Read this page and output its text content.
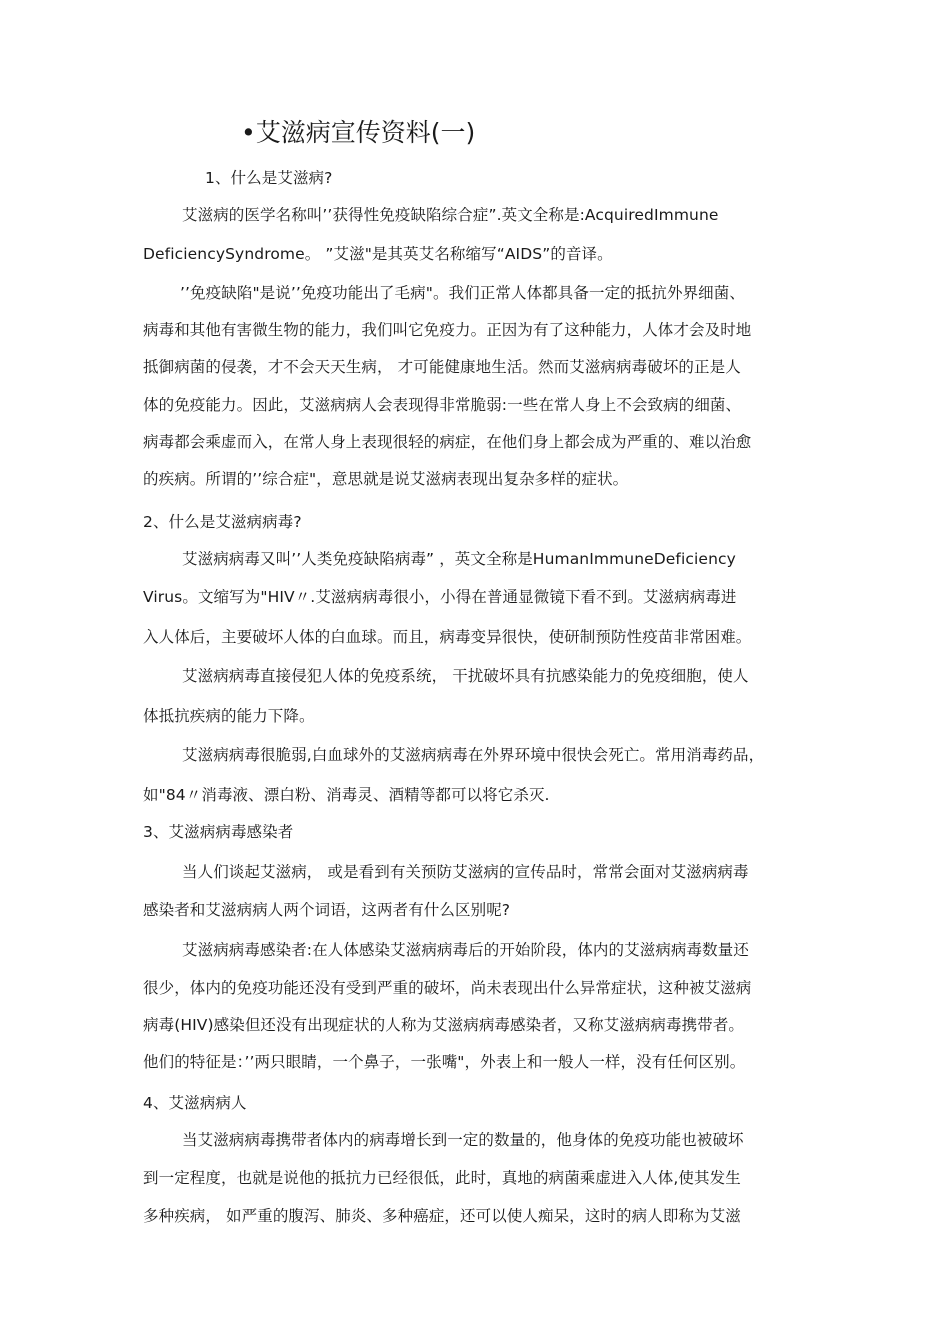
•艾滋病宣传资料(一)
1、什么是艾滋病?
艾滋病的医学名称叫’’获得性免疫缺陷综合症”.英文全称是:AcquiredImmune
DeficiencySyndrome。 ”艾滋"是其英艾名称缩写“AIDS”的音译。
’’免疫缺陷"是说’’免疫功能出了毛病"。我们正常人体都具备一定的抵抗外界细菌、
病毒和其他有害微生物的能力，我们叫它免疫力。正因为有了这种能力，人体才会及时地
抵御病菌的侵袭，才不会天天生病， 才可能健康地生活。然而艾滋病病毒破坏的正是人
体的免疫能力。因此，艾滋病病人会表现得非常脆弱:一些在常人身上不会致病的细菌、
病毒都会乘虚而入，在常人身上表现很轻的病症，在他们身上都会成为严重的、难以治愈
的疾病。所谓的’’综合症"，意思就是说艾滋病表现出复杂多样的症状。
2、什么是艾滋病病毒?
艾滋病病毒又叫’’人类免疫缺陷病毒” ，英文全称是HumanImmuneDeficiency
Virus。文缩写为"HIV〃.艾滋病病毒很小，小得在普通显微镜下看不到。艾滋病病毒进
入人体后，主要破坏人体的白血球。而且，病毒变异很快，使研制预防性疫苗非常困难。
艾滋病病毒直接侵犯人体的免疫系统， 干扰破坏具有抗感染能力的免疫细胞，使人
体抵抗疾病的能力下降。
艾滋病病毒很脆弱,白血球外的艾滋病病毒在外界环境中很快会死亡。常用消毒药品，
如"84〃消毒液、漂白粉、消毒灵、酒精等都可以将它杀灭.
3、艾滋病病毒感染者
当人们谈起艾滋病， 或是看到有关预防艾滋病的宣传品时，常常会面对艾滋病病毒
感染者和艾滋病病人两个词语，这两者有什么区别呢?
艾滋病病毒感染者:在人体感染艾滋病病毒后的开始阶段，体内的艾滋病病毒数量还
很少，体内的免疫功能还没有受到严重的破坏，尚未表现出什么异常症状，这种被艾滋病
病毒(HIV)感染但还没有出现症状的人称为艾滋病病毒感染者，又称艾滋病病毒携带者。
他们的特征是：’’两只眼睛，一个鼻子，一张嘴"，外表上和一般人一样，没有任何区别。
4、艾滋病病人
当艾滋病病毒携带者体内的病毒增长到一定的数量的，他身体的免疫功能也被破坏
到一定程度，也就是说他的抵抗力已经很低，此时，真地的病菌乘虚进入人体,使其发生
多种疾病， 如严重的腹泻、肺炎、多种癌症，还可以使人痴呆，这时的病人即称为艾滋
